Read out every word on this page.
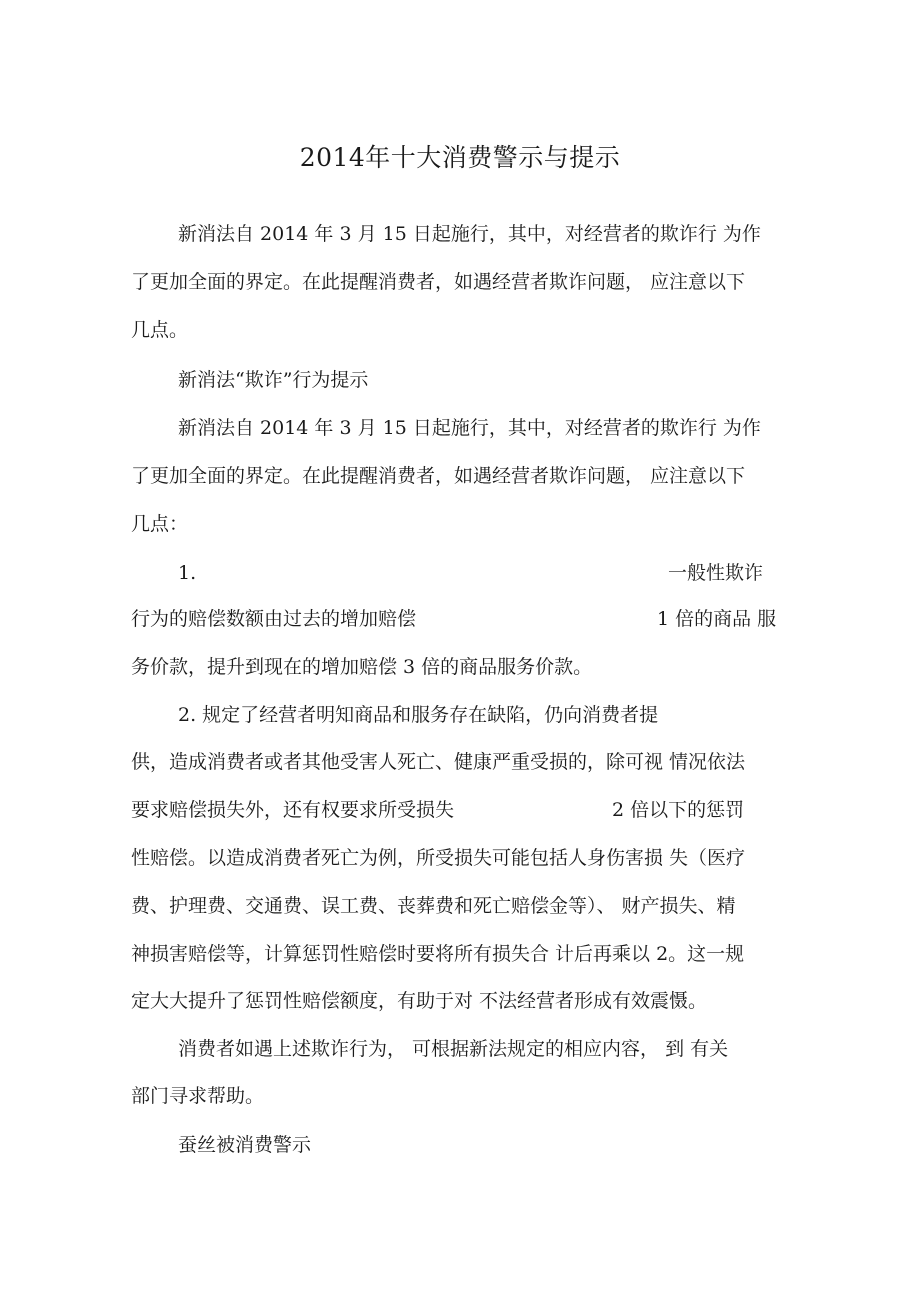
2014年十大消费警示与提示
新消法自 2014 年 3 月 15 日起施行，其中，对经营者的欺诈行 为作
了更加全面的界定。在此提醒消费者，如遇经营者欺诈问题， 应注意以下
几点。
新消法“欺诈”行为提示
新消法自 2014 年 3 月 15 日起施行，其中，对经营者的欺诈行 为作
了更加全面的界定。在此提醒消费者，如遇经营者欺诈问题， 应注意以下
几点：
1.	一般性欺诈
行为的赔偿数额由过去的增加赔偿	1 倍的商品 服
务价款，提升到现在的增加赔偿 3 倍的商品服务价款。
2. 规定了经营者明知商品和服务存在缺陷，仍向消费者提
供，造成消费者或者其他受害人死亡、健康严重受损的，除可视 情况依法
要求赔偿损失外，还有权要求所受损失	2 倍以下的惩罚
性赔偿。以造成消费者死亡为例，所受损失可能包括人身伤害损 失（医疗
费、护理费、交通费、误工费、丧葬费和死亡赔偿金等）、 财产损失、精
神损害赔偿等，计算惩罚性赔偿时要将所有损失合 计后再乘以 2。这一规
定大大提升了惩罚性赔偿额度，有助于对 不法经营者形成有效震慑。
消费者如遇上述欺诈行为， 可根据新法规定的相应内容， 到 有关
部门寻求帮助。
蚕丝被消费警示
